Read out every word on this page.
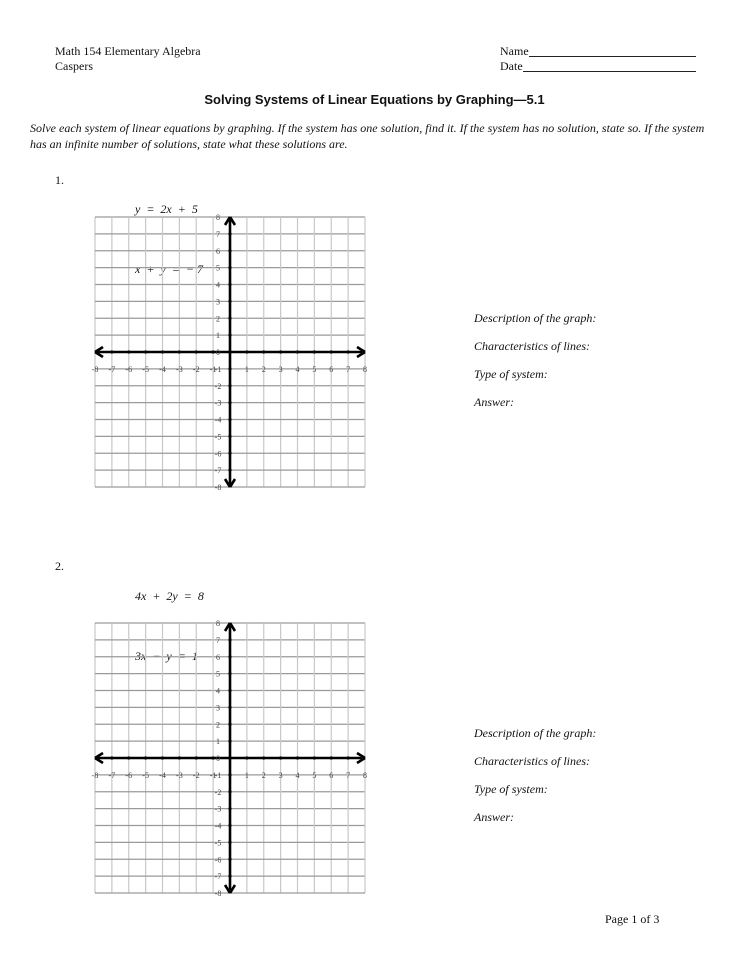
Math 154 Elementary Algebra
Caspers
Name
Date
Solving Systems of Linear Equations by Graphing—5.1
Solve each system of linear equations by graphing. If the system has one solution, find it. If the system has no solution, state so. If the system has an infinite number of solutions, state what these solutions are.
1.

y  =  2x  +  5

x  +  y  =  − 7

-8 -7 -6 -5 -4 -3 -2 -1	1 2 3 4 5 6 7 8
8
7
6
5
4
3
2
1
0
-1
-2
-3
-4
-5
-6
-7
-8
Description of the graph:
Characteristics of lines:
Type of system:
Answer:
2.

4x  +  2y  =  8

3x  −  y  =  1

-8 -7 -6 -5 -4 -3 -2 -1	1 2 3 4 5 6 7 8
8
7
6
5
4
3
2
1
0
-1
-2
-3
-4
-5
-6
-7
-8
Description of the graph:
Characteristics of lines:
Type of system:
Answer:
Page 1 of 3
